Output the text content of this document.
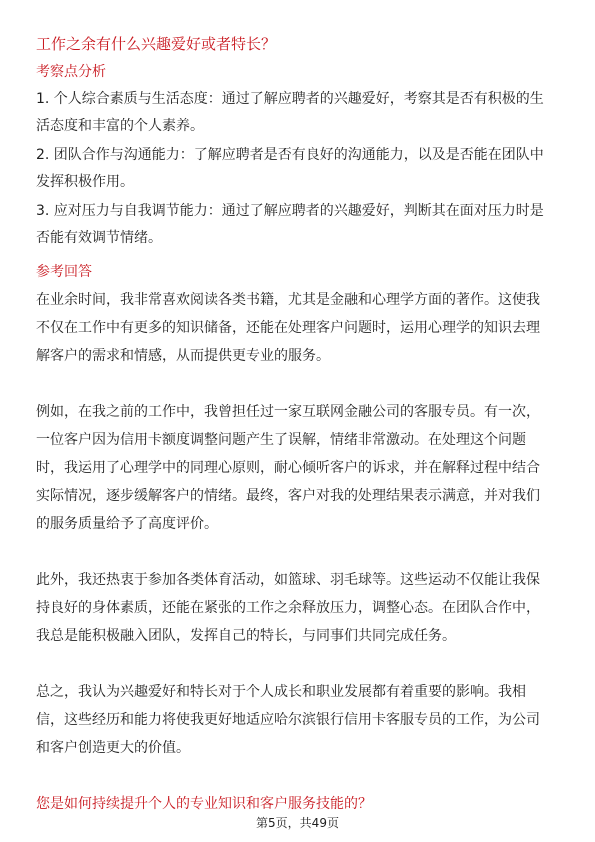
工作之余有什么兴趣爱好或者特长？
考察点分析
1. 个人综合素质与生活态度：通过了解应聘者的兴趣爱好，考察其是否有积极的生
活态度和丰富的个人素养。
2. 团队合作与沟通能力：了解应聘者是否有良好的沟通能力，以及是否能在团队中
发挥积极作用。
3. 应对压力与自我调节能力：通过了解应聘者的兴趣爱好，判断其在面对压力时是
否能有效调节情绪。
参考回答
在业余时间，我非常喜欢阅读各类书籍，尤其是金融和心理学方面的著作。这使我
不仅在工作中有更多的知识储备，还能在处理客户问题时，运用心理学的知识去理
解客户的需求和情感，从而提供更专业的服务。
例如，在我之前的工作中，我曾担任过一家互联网金融公司的客服专员。有一次，
一位客户因为信用卡额度调整问题产生了误解，情绪非常激动。在处理这个问题
时，我运用了心理学中的同理心原则，耐心倾听客户的诉求，并在解释过程中结合
实际情况，逐步缓解客户的情绪。最终，客户对我的处理结果表示满意，并对我们
的服务质量给予了高度评价。
此外，我还热衷于参加各类体育活动，如篮球、羽毛球等。这些运动不仅能让我保
持良好的身体素质，还能在紧张的工作之余释放压力，调整心态。在团队合作中，
我总是能积极融入团队，发挥自己的特长，与同事们共同完成任务。
总之，我认为兴趣爱好和特长对于个人成长和职业发展都有着重要的影响。我相
信，这些经历和能力将使我更好地适应哈尔滨银行信用卡客服专员的工作，为公司
和客户创造更大的价值。
您是如何持续提升个人的专业知识和客户服务技能的？
第5页，共49页
